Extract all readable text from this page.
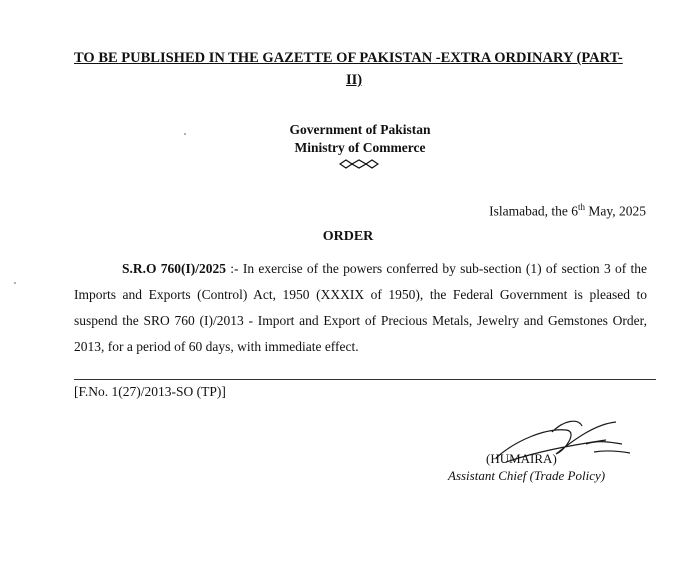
TO BE PUBLISHED IN THE GAZETTE OF PAKISTAN -EXTRA ORDINARY (PART-
II)
Government of Pakistan
Ministry of Commerce
Islamabad, the 6th May, 2025
ORDER
S.R.O 760(I)/2025 :- In exercise of the powers conferred by sub-section (1) of section 3 of the Imports and Exports (Control) Act, 1950 (XXXIX of 1950), the Federal Government is pleased to suspend the SRO 760 (I)/2013 - Import and Export of Precious Metals, Jewelry and Gemstones Order, 2013, for a period of 60 days, with immediate effect.
[F.No. 1(27)/2013-SO (TP)]
(HUMAIRA)
Assistant Chief (Trade Policy)
